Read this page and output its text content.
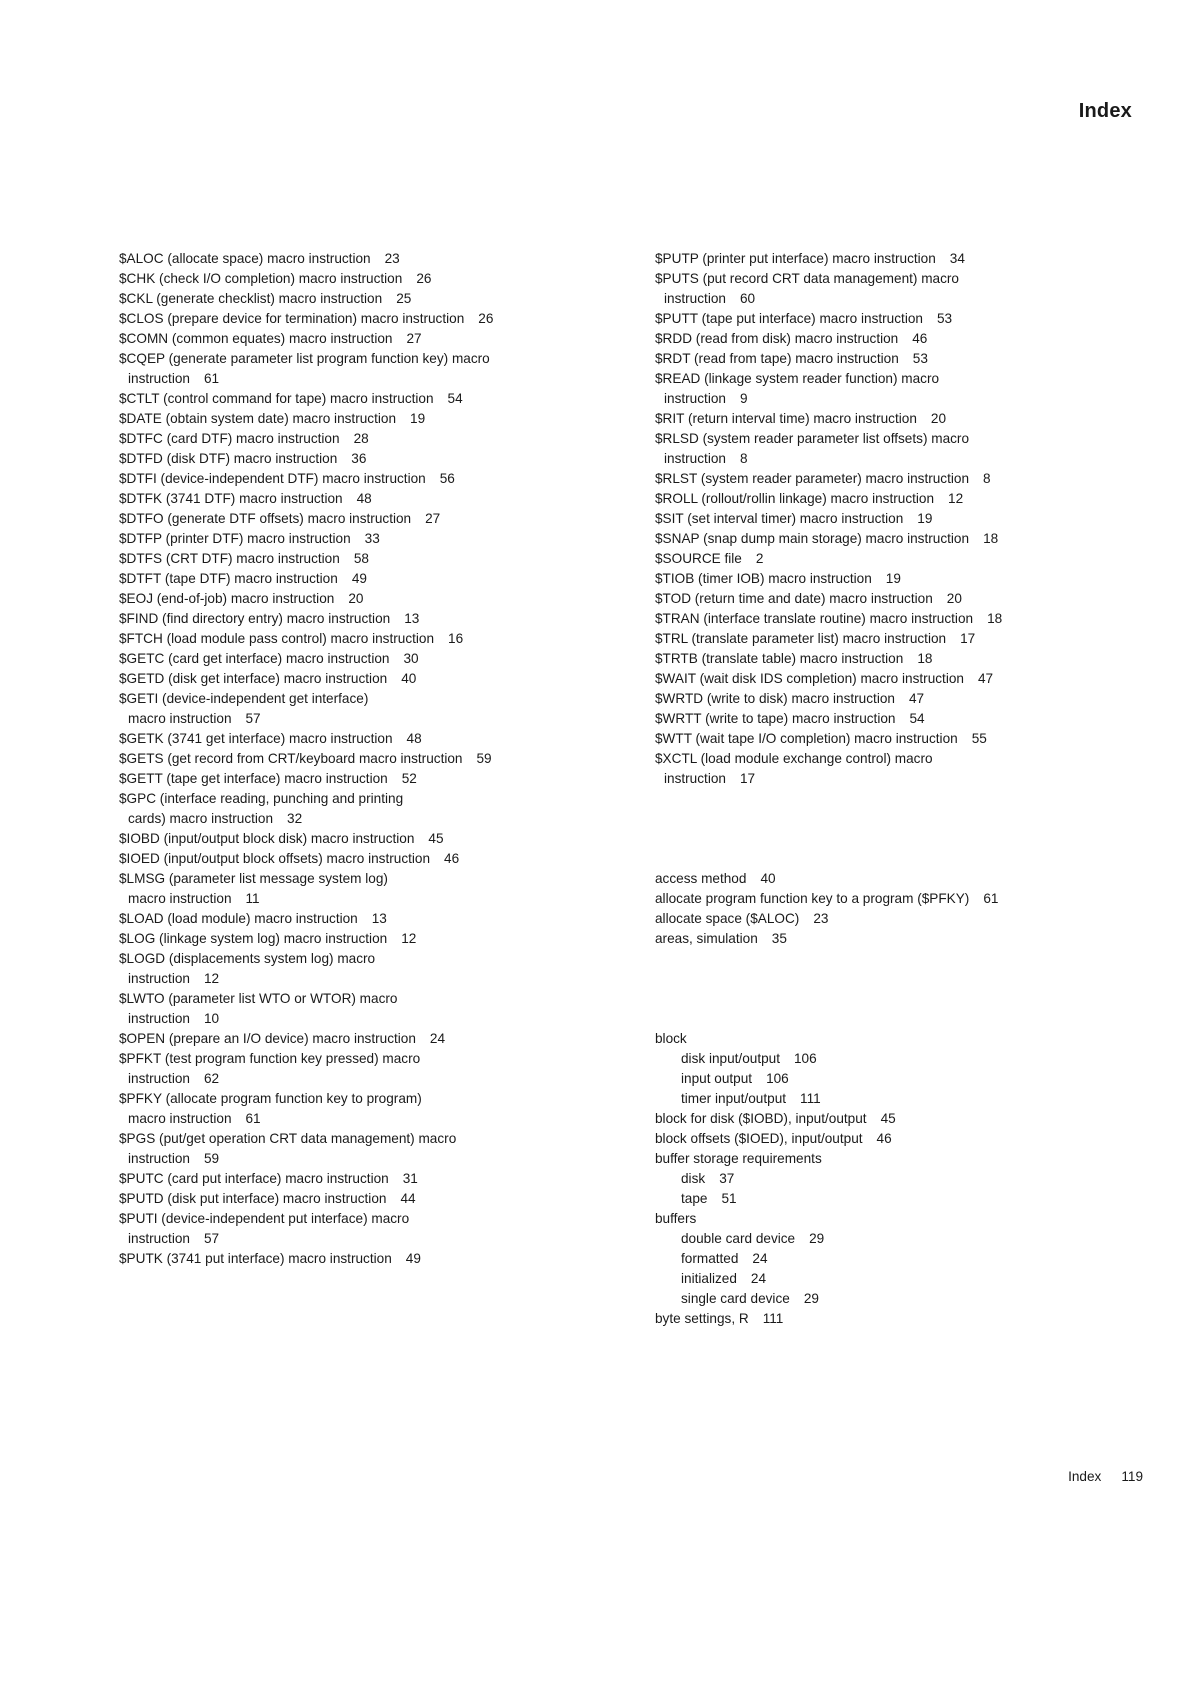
Index
$ALOC (allocate space) macro instruction 23
$CHK (check I/O completion) macro instruction 26
$CKL (generate checklist) macro instruction 25
$CLOS (prepare device for termination) macro instruction 26
$COMN (common equates) macro instruction 27
$CQEP (generate parameter list program function key) macro
instruction 61
$CTLT (control command for tape) macro instruction 54
$DATE (obtain system date) macro instruction 19
$DTFC (card DTF) macro instruction 28
$DTFD (disk DTF) macro instruction 36
$DTFI (device-independent DTF) macro instruction 56
$DTFK (3741 DTF) macro instruction 48
$DTFO (generate DTF offsets) macro instruction 27
$DTFP (printer DTF) macro instruction 33
$DTFS (CRT DTF) macro instruction 58
$DTFT (tape DTF) macro instruction 49
$EOJ (end-of-job) macro instruction 20
$FIND (find directory entry) macro instruction 13
$FTCH (load module pass control) macro instruction 16
$GETC (card get interface) macro instruction 30
$GETD (disk get interface) macro instruction 40
$GETI (device-independent get interface)
macro instruction 57
$GETK (3741 get interface) macro instruction 48
$GETS (get record from CRT/keyboard macro instruction 59
$GETT (tape get interface) macro instruction 52
$GPC (interface reading, punching and printing
cards) macro instruction 32
$IOBD (input/output block disk) macro instruction 45
$IOED (input/output block offsets) macro instruction 46
$LMSG (parameter list message system log)
macro instruction 11
$LOAD (load module) macro instruction 13
$LOG (linkage system log) macro instruction 12
$LOGD (displacements system log) macro
instruction 12
$LWTO (parameter list WTO or WTOR) macro
instruction 10
$OPEN (prepare an I/O device) macro instruction 24
$PFKT (test program function key pressed) macro
instruction 62
$PFKY (allocate program function key to program)
macro instruction 61
$PGS (put/get operation CRT data management) macro
instruction 59
$PUTC (card put interface) macro instruction 31
$PUTD (disk put interface) macro instruction 44
$PUTI (device-independent put interface) macro
instruction 57
$PUTK (3741 put interface) macro instruction 49
$PUTP (printer put interface) macro instruction 34
$PUTS (put record CRT data management) macro
instruction 60
$PUTT (tape put interface) macro instruction 53
$RDD (read from disk) macro instruction 46
$RDT (read from tape) macro instruction 53
$READ (linkage system reader function) macro
instruction 9
$RIT (return interval time) macro instruction 20
$RLSD (system reader parameter list offsets) macro
instruction 8
$RLST (system reader parameter) macro instruction 8
$ROLL (rollout/rollin linkage) macro instruction 12
$SIT (set interval timer) macro instruction 19
$SNAP (snap dump main storage) macro instruction 18
$SOURCE file 2
$TIOB (timer IOB) macro instruction 19
$TOD (return time and date) macro instruction 20
$TRAN (interface translate routine) macro instruction 18
$TRL (translate parameter list) macro instruction 17
$TRTB (translate table) macro instruction 18
$WAIT (wait disk IDS completion) macro instruction 47
$WRTD (write to disk) macro instruction 47
$WRTT (write to tape) macro instruction 54
$WTT (wait tape I/O completion) macro instruction 55
$XCTL (load module exchange control) macro
instruction 17
access method 40
allocate program function key to a program ($PFKY) 61
allocate space ($ALOC) 23
areas, simulation 35
block
disk input/output 106
input output 106
timer input/output 111
block for disk ($IOBD), input/output 45
block offsets ($IOED), input/output 46
buffer storage requirements
disk 37
tape 51
buffers
double card device 29
formatted 24
initialized 24
single card device 29
byte settings, R 111
Index 119
